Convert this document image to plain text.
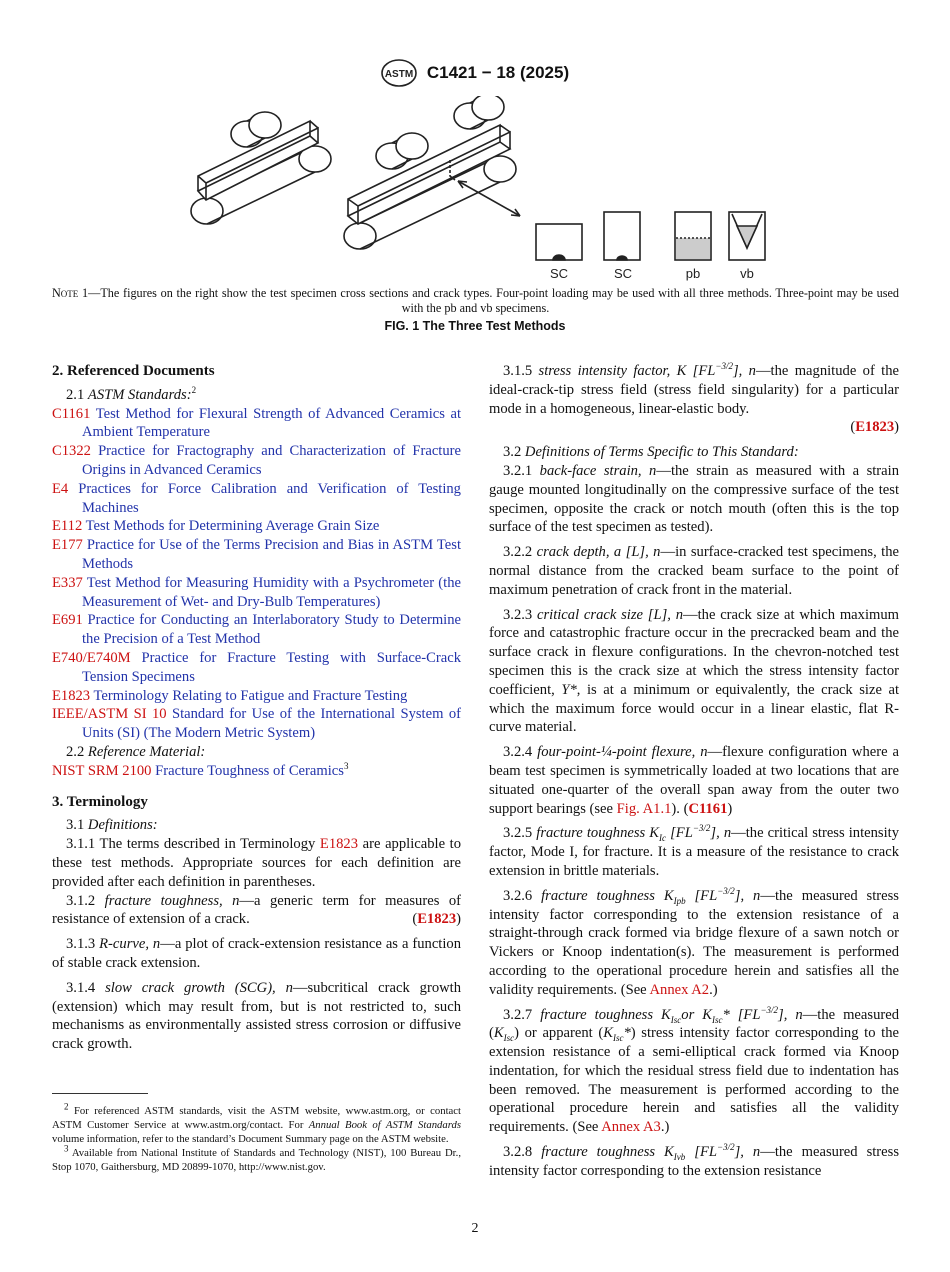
ASTM C1421 − 18 (2025)
SC	SC	pb	vb
Note 1—The figures on the right show the test specimen cross sections and crack types. Four-point loading may be used with all three methods. Three-point may be used with the pb and vb specimens.
FIG. 1 The Three Test Methods
2. Referenced Documents

2.1 ASTM Standards:$^2$

C1161 Test Method for Flexural Strength of Advanced Ceramics at Ambient Temperature
C1322 Practice for Fractography and Characterization of Fracture Origins in Advanced Ceramics
E4 Practices for Force Calibration and Verification of Testing Machines
E112 Test Methods for Determining Average Grain Size
E177 Practice for Use of the Terms Precision and Bias in ASTM Test Methods
E337 Test Method for Measuring Humidity with a Psychrometer (the Measurement of Wet- and Dry-Bulb Temperatures)
E691 Practice for Conducting an Interlaboratory Study to Determine the Precision of a Test Method
E740/E740M Practice for Fracture Testing with Surface-Crack Tension Specimens
E1823 Terminology Relating to Fatigue and Fracture Testing
IEEE/ASTM SI 10 Standard for Use of the International System of Units (SI) (The Modern Metric System)

2.2 Reference Material:

NIST SRM 2100 Fracture Toughness of Ceramics$^3$
3. Terminology

3.1 Definitions:

3.1.1 The terms described in Terminology E1823 are applicable to these test methods. Appropriate sources for each definition are provided after each definition in parentheses.

3.1.2 fracture toughness, n—a generic term for measures of resistance of extension of a crack.	(E1823)

3.1.3 R-curve, n—a plot of crack-extension resistance as a function of stable crack extension.

3.1.4 slow crack growth (SCG), n—subcritical crack growth (extension) which may result from, but is not restricted to, such mechanisms as environmentally assisted stress corrosion or diffusive crack growth.

$^2$ For referenced ASTM standards, visit the ASTM website, www.astm.org, or contact ASTM Customer Service at www.astm.org/contact. For Annual Book of ASTM Standards volume information, refer to the standard’s Document Summary page on the ASTM website.

$^3$ Available from National Institute of Standards and Technology (NIST), 100 Bureau Dr., Stop 1070, Gaithersburg, MD 20899-1070, http://www.nist.gov.

3.1.5 stress intensity factor, K $[FL^{-3/2}]$, n—the magnitude of the ideal-crack-tip stress field (stress field singularity) for a particular mode in a homogeneous, linear-elastic body.

(E1823)

3.2 Definitions of Terms Specific to This Standard:

3.2.1 back-face strain, n—the strain as measured with a strain gauge mounted longitudinally on the compressive surface of the test specimen, opposite the crack or notch mouth (often this is the top surface of the test specimen as tested).

3.2.2 crack depth, a [L], n—in surface-cracked test specimens, the normal distance from the cracked beam surface to the point of maximum penetration of crack front in the material.

3.2.3 critical crack size [L], n—the crack size at which maximum force and catastrophic fracture occur in the precracked beam and the surface crack in flexure configurations. In the chevron-notched test specimen this is the crack size at which the stress intensity factor coefficient, Y*, is at a minimum or equivalently, the crack size at which the maximum force would occur in a linear elastic, flat R-curve material.

3.2.4 four-point-¼-point flexure, n—flexure configuration where a beam test specimen is symmetrically loaded at two locations that are situated one-quarter of the overall span away from the outer two support bearings (see Fig. A1.1). (C1161)

3.2.5 fracture toughness $K_{Ic}$ $[FL^{-3/2}]$, n—the critical stress intensity factor, Mode I, for fracture. It is a measure of the resistance to crack extension in brittle materials.

3.2.6 fracture toughness $K_{Ipb}$ $[FL^{-3/2}]$, n—the measured stress intensity factor corresponding to the extension resistance of a straight-through crack formed via bridge flexure of a sawn notch or Vickers or Knoop indentation(s). The measurement is performed according to the operational procedure herein and satisfies all the validity requirements. (See Annex A2.)

3.2.7 fracture toughness $K_{Isc}or$ $K_{Isc}*$ $[FL^{-3/2}]$, n—the measured $(K_{Isc})$ or apparent $(K_{Isc}*)$ stress intensity factor corresponding to the extension resistance of a semi-elliptical crack formed via Knoop indentation, for which the residual stress field due to indentation has been removed. The measurement is performed according to the operational procedure herein and satisfies all the validity requirements. (See Annex A3.)

3.2.8 fracture toughness $K_{Ivb}$ $[FL^{-3/2}]$, n—the measured stress intensity factor corresponding to the extension resistance

2
